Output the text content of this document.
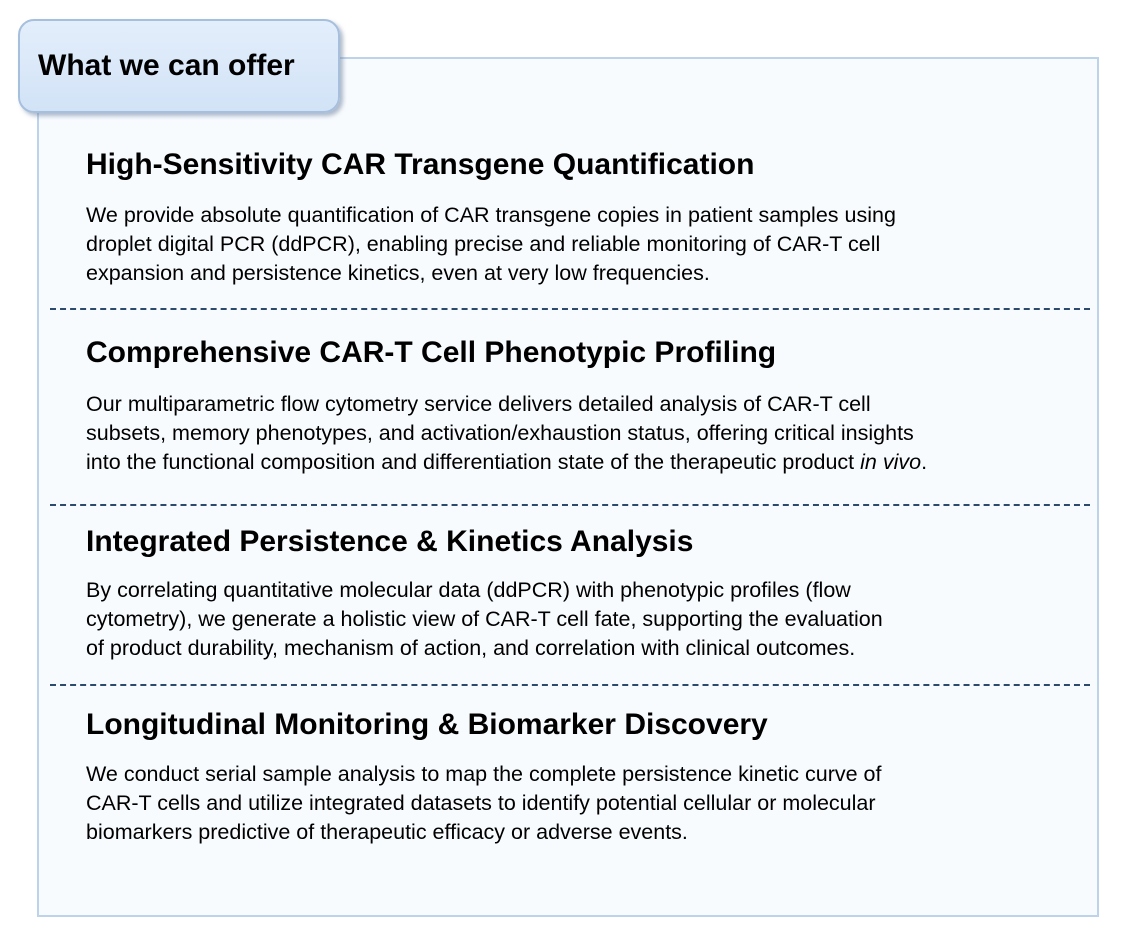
What we can offer
High-Sensitivity CAR Transgene Quantification
We provide absolute quantification of CAR transgene copies in patient samples using
droplet digital PCR (ddPCR), enabling precise and reliable monitoring of CAR-T cell
expansion and persistence kinetics, even at very low frequencies.
Comprehensive CAR-T Cell Phenotypic Profiling
Our multiparametric flow cytometry service delivers detailed analysis of CAR-T cell
subsets, memory phenotypes, and activation/exhaustion status, offering critical insights
into the functional composition and differentiation state of the therapeutic product in vivo.
Integrated Persistence & Kinetics Analysis
By correlating quantitative molecular data (ddPCR) with phenotypic profiles (flow
cytometry), we generate a holistic view of CAR-T cell fate, supporting the evaluation
of product durability, mechanism of action, and correlation with clinical outcomes.
Longitudinal Monitoring & Biomarker Discovery
We conduct serial sample analysis to map the complete persistence kinetic curve of
CAR-T cells and utilize integrated datasets to identify potential cellular or molecular
biomarkers predictive of therapeutic efficacy or adverse events.
